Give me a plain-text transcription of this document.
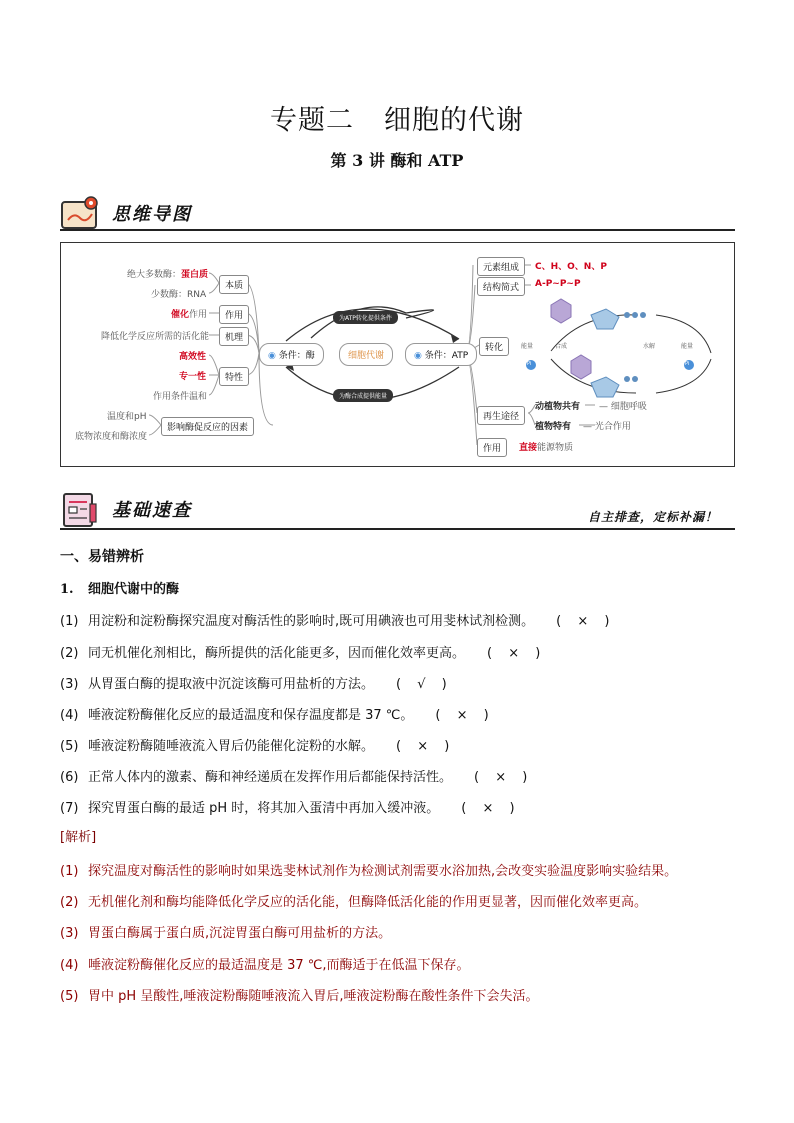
专题二 细胞的代谢
第 3 讲 酶和 ATP
思维导图
绝大多数酶：蛋白质
少数酶：RNA
本质
催化作用	作用
降低化学反应所需的活化能	机理
高效性
专一性
作用条件温和
特性
温度和pH
底物浓度和酶浓度
影响酶促反应的因素
◉ 条件：酶	细胞代谢	◉ 条件：ATP
为ATP转化提供条件
为酶合成提供能量
元素组成	C、H、O、N、P
结构简式	A-P~P~P
转化	能量	合成	水解	能量
Pi	Pi
再生途径
动植物共有 — 细胞呼吸
植物特有 — 光合作用
作用	直接能源物质
基础速查	自主排查，定标补漏！
一、易错辨析
1. 细胞代谢中的酶
(1) 用淀粉和淀粉酶探究温度对酶活性的影响时,既可用碘液也可用斐林试剂检测。 ( × )
(2) 同无机催化剂相比，酶所提供的活化能更多，因而催化效率更高。 ( × )
(3) 从胃蛋白酶的提取液中沉淀该酶可用盐析的方法。 ( √ )
(4) 唾液淀粉酶催化反应的最适温度和保存温度都是 37 ℃。 ( × )
(5) 唾液淀粉酶随唾液流入胃后仍能催化淀粉的水解。 ( × )
(6) 正常人体内的激素、酶和神经递质在发挥作用后都能保持活性。 ( × )
(7) 探究胃蛋白酶的最适 pH 时，将其加入蛋清中再加入缓冲液。 ( × )
[解析]
(1) 探究温度对酶活性的影响时如果选斐林试剂作为检测试剂需要水浴加热,会改变实验温度影响实验结果。
(2) 无机催化剂和酶均能降低化学反应的活化能，但酶降低活化能的作用更显著，因而催化效率更高。
(3) 胃蛋白酶属于蛋白质,沉淀胃蛋白酶可用盐析的方法。
(4) 唾液淀粉酶催化反应的最适温度是 37 ℃,而酶适于在低温下保存。
(5) 胃中 pH 呈酸性,唾液淀粉酶随唾液流入胃后,唾液淀粉酶在酸性条件下会失活。
